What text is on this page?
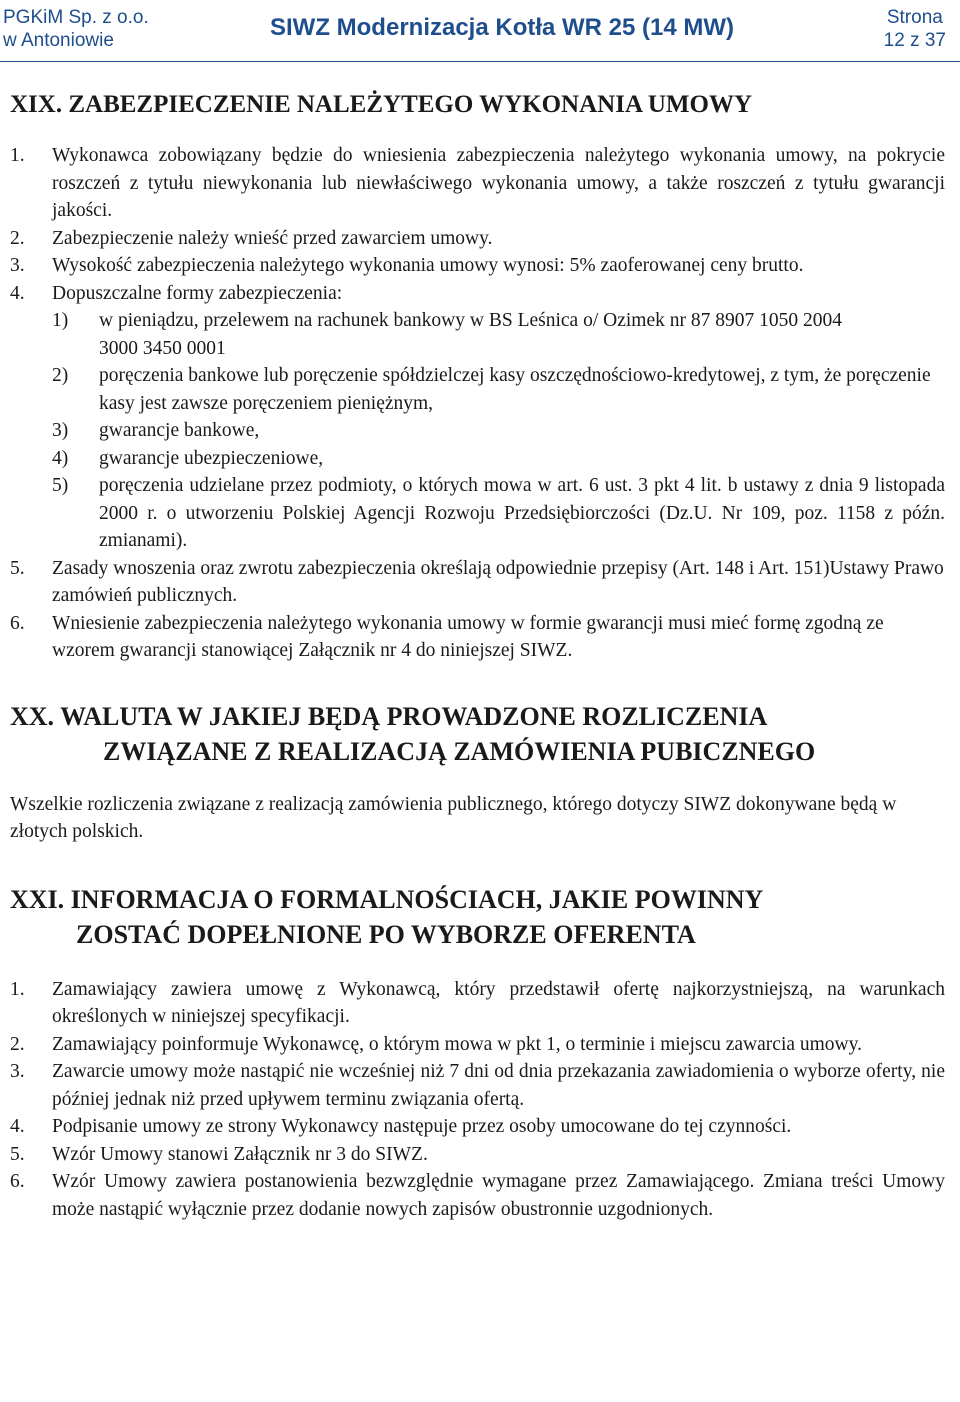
PGKiM Sp. z o.o.
w Antoniowie	SIWZ Modernizacja Kotła WR 25 (14 MW)	Strona
12 z 37
XIX. ZABEZPIECZENIE NALEŻYTEGO WYKONANIA UMOWY
1.	Wykonawca zobowiązany będzie do wniesienia zabezpieczenia należytego wykonania umowy, na pokrycie roszczeń z tytułu niewykonania lub niewłaściwego wykonania umowy, a także roszczeń z tytułu gwarancji jakości.
2.	Zabezpieczenie należy wnieść przed zawarciem umowy.
3.	Wysokość zabezpieczenia należytego wykonania umowy wynosi: 5% zaoferowanej ceny brutto.
4.	Dopuszczalne formy zabezpieczenia:
1)	w pieniądzu, przelewem na rachunek bankowy w BS Leśnica o/ Ozimek nr 87 8907 1050 2004 3000 3450 0001
2)	poręczenia bankowe lub poręczenie spółdzielczej kasy oszczędnościowo-kredytowej, z tym, że poręczenie kasy jest zawsze poręczeniem pieniężnym,
3)	gwarancje bankowe,
4)	gwarancje ubezpieczeniowe,
5)	poręczenia udzielane przez podmioty, o których mowa w art. 6 ust. 3 pkt 4 lit. b ustawy z dnia 9 listopada 2000 r. o utworzeniu Polskiej Agencji Rozwoju Przedsiębiorczości (Dz.U. Nr 109, poz. 1158 z późn. zmianami).
5.	Zasady wnoszenia oraz zwrotu zabezpieczenia określają odpowiednie przepisy (Art. 148 i Art. 151)Ustawy Prawo zamówień publicznych.
6.	Wniesienie zabezpieczenia należytego wykonania umowy w formie gwarancji musi mieć formę zgodną ze wzorem gwarancji stanowiącej Załącznik nr 4 do niniejszej SIWZ.
XX. WALUTA W JAKIEJ BĘDĄ PROWADZONE ROZLICZENIA
ZWIĄZANE Z REALIZACJĄ ZAMÓWIENIA PUBICZNEGO

Wszelkie rozliczenia związane z realizacją zamówienia publicznego, którego dotyczy SIWZ dokonywane będą w złotych polskich.

XXI. INFORMACJA O FORMALNOŚCIACH, JAKIE POWINNY
ZOSTAĆ DOPEŁNIONE PO WYBORZE OFERENTA
1.	Zamawiający zawiera umowę z Wykonawcą, który przedstawił ofertę najkorzystniejszą, na warunkach określonych w niniejszej specyfikacji.
2.	Zamawiający poinformuje Wykonawcę, o którym mowa w pkt 1, o terminie i miejscu zawarcia umowy.
3.	Zawarcie umowy może nastąpić nie wcześniej niż 7 dni od dnia przekazania zawiadomienia o wyborze oferty, nie później jednak niż przed upływem terminu związania ofertą.
4.	Podpisanie umowy ze strony Wykonawcy następuje przez osoby umocowane do tej czynności.
5.	Wzór Umowy stanowi Załącznik nr 3 do SIWZ.
6.	Wzór Umowy zawiera postanowienia bezwzględnie wymagane przez Zamawiającego. Zmiana treści Umowy może nastąpić wyłącznie przez dodanie nowych zapisów obustronnie uzgodnionych.
